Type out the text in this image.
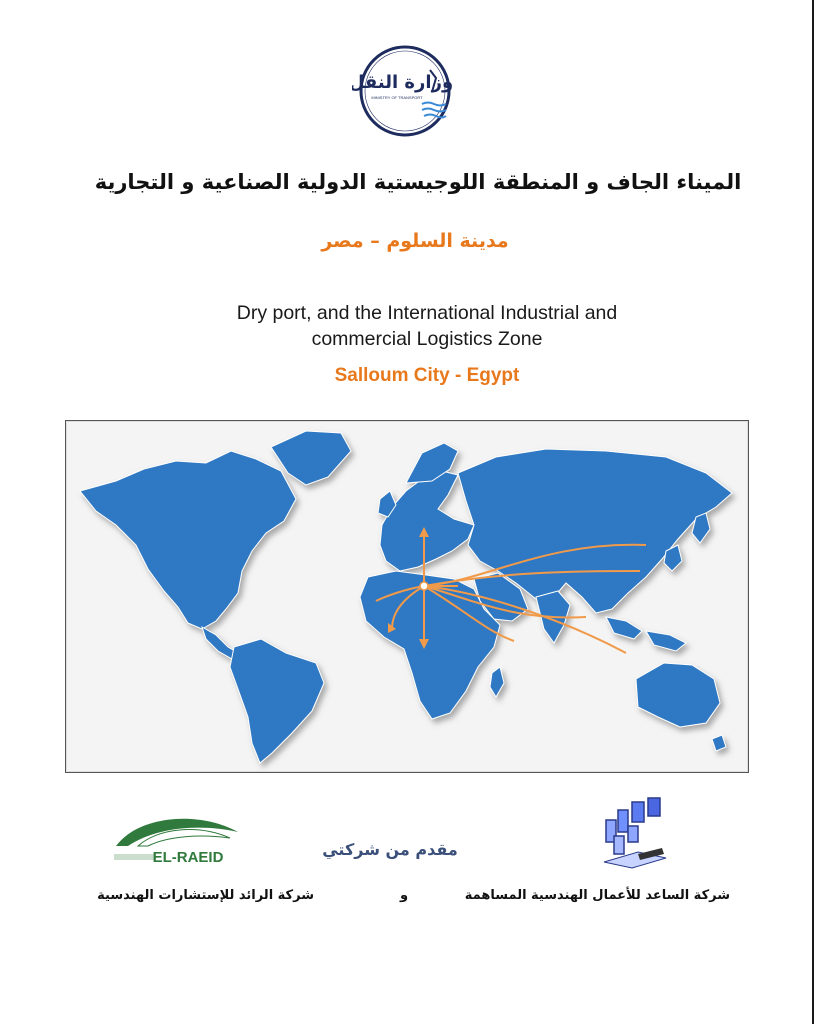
وزارة النقل
MINISTRY OF TRANSPORT
الميناء الجاف و المنطقة اللوجيستية الدولية الصناعية و التجارية
مدينة السلوم – مصر
Dry port, and the International Industrial and
commercial Logistics Zone
Salloum City - Egypt
مقدم من شركتي
EL-RAEID
شركة الساعد للأعمال الهندسية المساهمة
و
شركة الرائد للإستشارات الهندسية
